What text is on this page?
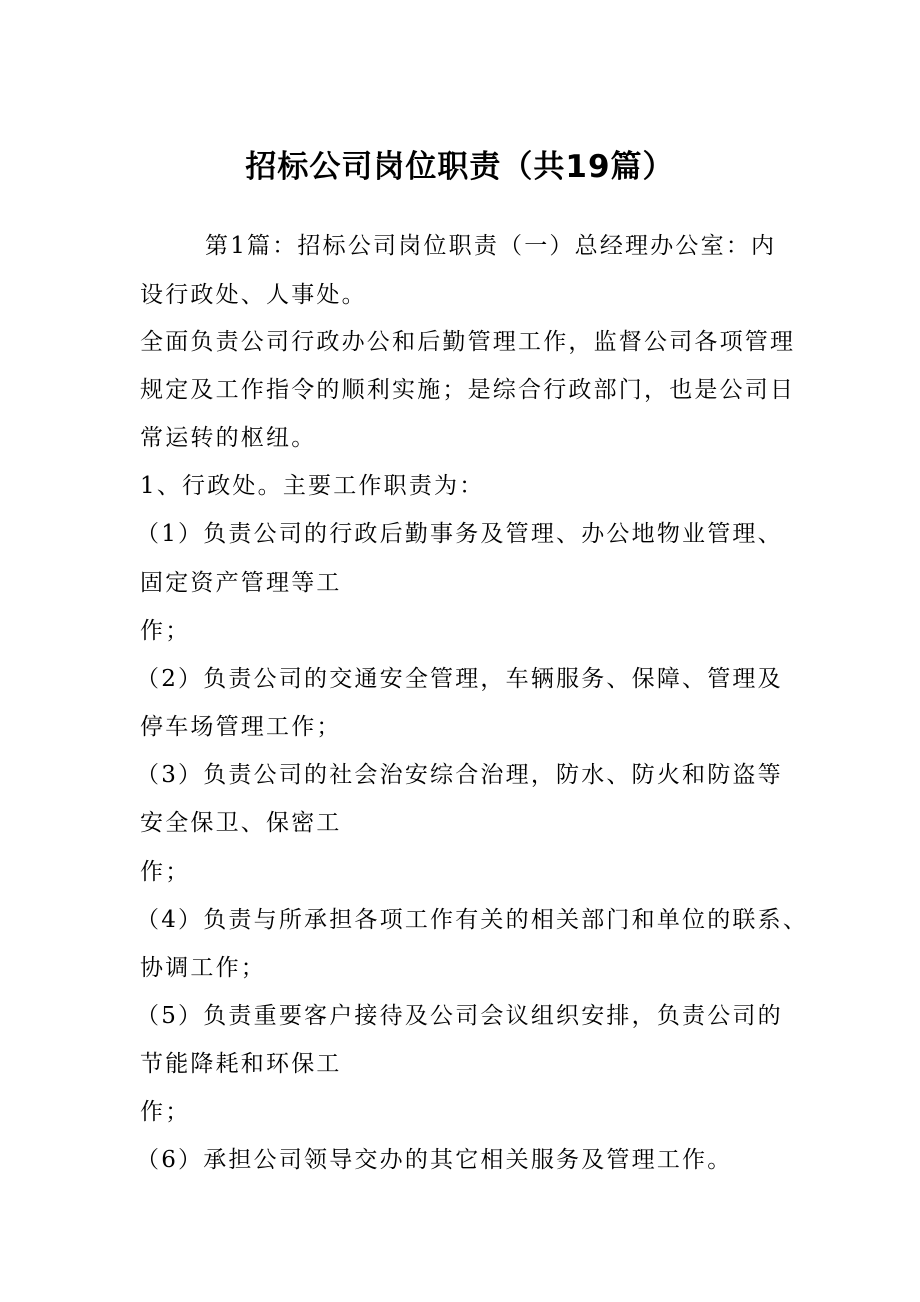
招标公司岗位职责（共19篇）
第1篇：招标公司岗位职责（一）总经理办公室：内
设行政处、人事处。
全面负责公司行政办公和后勤管理工作，监督公司各项管理
规定及工作指令的顺利实施；是综合行政部门，也是公司日
常运转的枢纽。
1、行政处。主要工作职责为：
（1）负责公司的行政后勤事务及管理、办公地物业管理、
固定资产管理等工
作；
（2）负责公司的交通安全管理，车辆服务、保障、管理及
停车场管理工作；
（3）负责公司的社会治安综合治理，防水、防火和防盗等
安全保卫、保密工
作；
（4）负责与所承担各项工作有关的相关部门和单位的联系、
协调工作；
（5）负责重要客户接待及公司会议组织安排，负责公司的
节能降耗和环保工
作；
（6）承担公司领导交办的其它相关服务及管理工作。
